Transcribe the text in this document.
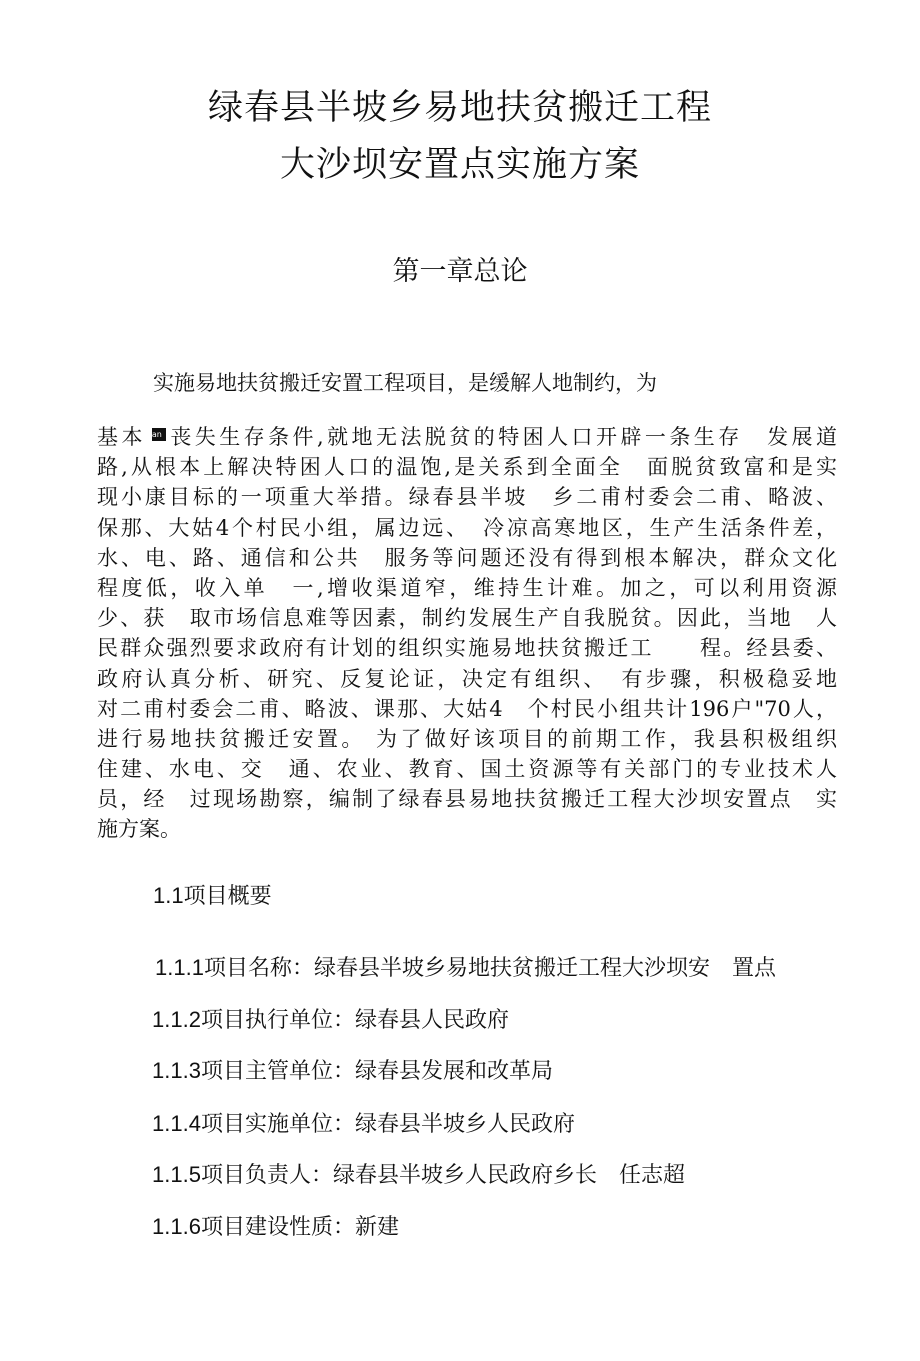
绿春县半坡乡易地扶贫搬迁工程
大沙坝安置点实施方案
第一章总论
实施易地扶贫搬迁安置工程项目，是缓解人地制约，为
基本 an 丧失生存条件,就地无法脱贫的特困人口开辟一条生存　发展道
路,从根本上解决特困人口的温饱,是关系到全面全　面脱贫致富和是实
现小康目标的一项重大举措。绿春县半坡　乡二甫村委会二甫、略波、
保那、大姑4个村民小组，属边远、　冷凉高寒地区，生产生活条件差，
水、电、路、通信和公共　服务等问题还没有得到根本解决，群众文化
程度低，收入单　一,增收渠道窄，维持生计难。加之，可以利用资源
少、获　取市场信息难等因素，制约发展生产自我脱贫。因此，当地　人
民群众强烈要求政府有计划的组织实施易地扶贫搬迁工　　程。经县委、
政府认真分析、研究、反复论证，决定有组织、　有步骤，积极稳妥地
对二甫村委会二甫、略波、课那、大姑4　个村民小组共计196户"70人，
进行易地扶贫搬迁安置。 为了做好该项目的前期工作，我县积极组织
住建、水电、交　通、农业、教育、国土资源等有关部门的专业技术人
员，经　过现场勘察，编制了绿春县易地扶贫搬迁工程大沙坝安置点　实
施方案。
1.1项目概要
1.1.1项目名称：绿春县半坡乡易地扶贫搬迁工程大沙坝安　置点
1.1.2项目执行单位：绿春县人民政府
1.1.3项目主管单位：绿春县发展和改革局
1.1.4项目实施单位：绿春县半坡乡人民政府
1.1.5项目负责人：绿春县半坡乡人民政府乡长　任志超
1.1.6项目建设性质：新建
